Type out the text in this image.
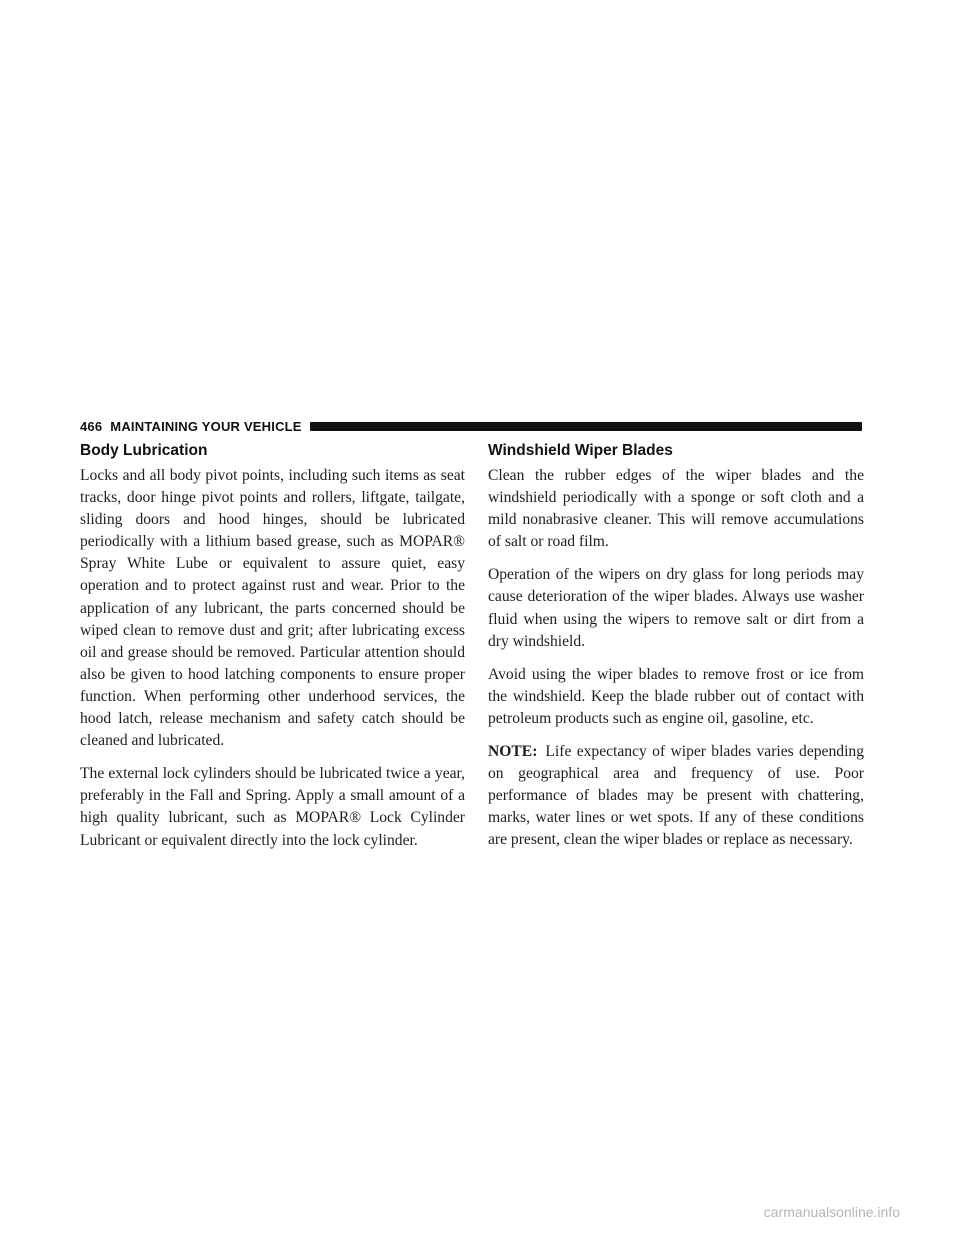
466 MAINTAINING YOUR VEHICLE
Body Lubrication

Locks and all body pivot points, including such items as seat tracks, door hinge pivot points and rollers, liftgate, tailgate, sliding doors and hood hinges, should be lubricated periodically with a lithium based grease, such as MOPAR® Spray White Lube or equivalent to assure quiet, easy operation and to protect against rust and wear. Prior to the application of any lubricant, the parts concerned should be wiped clean to remove dust and grit; after lubricating excess oil and grease should be removed. Particular attention should also be given to hood latching components to ensure proper function. When performing other underhood services, the hood latch, release mechanism and safety catch should be cleaned and lubricated.

The external lock cylinders should be lubricated twice a year, preferably in the Fall and Spring. Apply a small amount of a high quality lubricant, such as MOPAR® Lock Cylinder Lubricant or equivalent directly into the lock cylinder.

Windshield Wiper Blades

Clean the rubber edges of the wiper blades and the windshield periodically with a sponge or soft cloth and a mild nonabrasive cleaner. This will remove accumulations of salt or road film.

Operation of the wipers on dry glass for long periods may cause deterioration of the wiper blades. Always use washer fluid when using the wipers to remove salt or dirt from a dry windshield.

Avoid using the wiper blades to remove frost or ice from the windshield. Keep the blade rubber out of contact with petroleum products such as engine oil, gasoline, etc.

NOTE: Life expectancy of wiper blades varies depending on geographical area and frequency of use. Poor performance of blades may be present with chattering, marks, water lines or wet spots. If any of these conditions are present, clean the wiper blades or replace as necessary.

carmanualsonline.info
